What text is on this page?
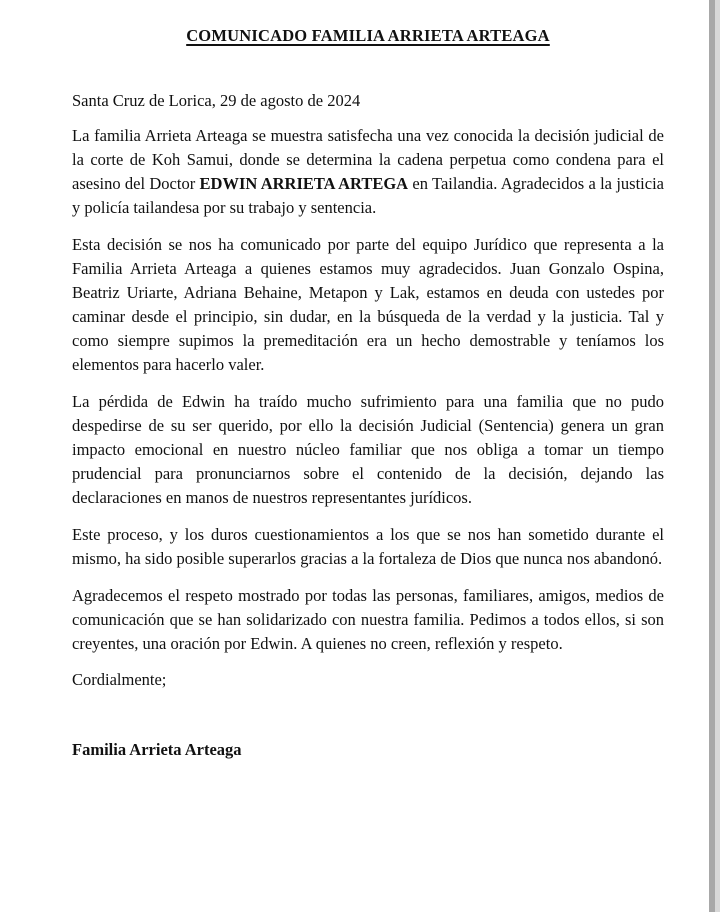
COMUNICADO FAMILIA ARRIETA ARTEAGA

Santa Cruz de Lorica, 29 de agosto de 2024

La familia Arrieta Arteaga se muestra satisfecha una vez conocida la decisión judicial de la corte de Koh Samui, donde se determina la cadena perpetua como condena para el asesino del Doctor EDWIN ARRIETA ARTEGA en Tailandia. Agradecidos a la justicia y policía tailandesa por su trabajo y sentencia.

Esta decisión se nos ha comunicado por parte del equipo Jurídico que representa a la Familia Arrieta Arteaga a quienes estamos muy agradecidos. Juan Gonzalo Ospina, Beatriz Uriarte, Adriana Behaine, Metapon y Lak, estamos en deuda con ustedes por caminar desde el principio, sin dudar, en la búsqueda de la verdad y la justicia. Tal y como siempre supimos la premeditación era un hecho demostrable y teníamos los elementos para hacerlo valer.

La pérdida de Edwin ha traído mucho sufrimiento para una familia que no pudo despedirse de su ser querido, por ello la decisión Judicial (Sentencia) genera un gran impacto emocional en nuestro núcleo familiar que nos obliga a tomar un tiempo prudencial para pronunciarnos sobre el contenido de la decisión, dejando las declaraciones en manos de nuestros representantes jurídicos.

Este proceso, y los duros cuestionamientos a los que se nos han sometido durante el mismo, ha sido posible superarlos gracias a la fortaleza de Dios que nunca nos abandonó.

Agradecemos el respeto mostrado por todas las personas, familiares, amigos, medios de comunicación que se han solidarizado con nuestra familia. Pedimos a todos ellos, si son creyentes, una oración por Edwin. A quienes no creen, reflexión y respeto.

Cordialmente;

Familia Arrieta Arteaga
